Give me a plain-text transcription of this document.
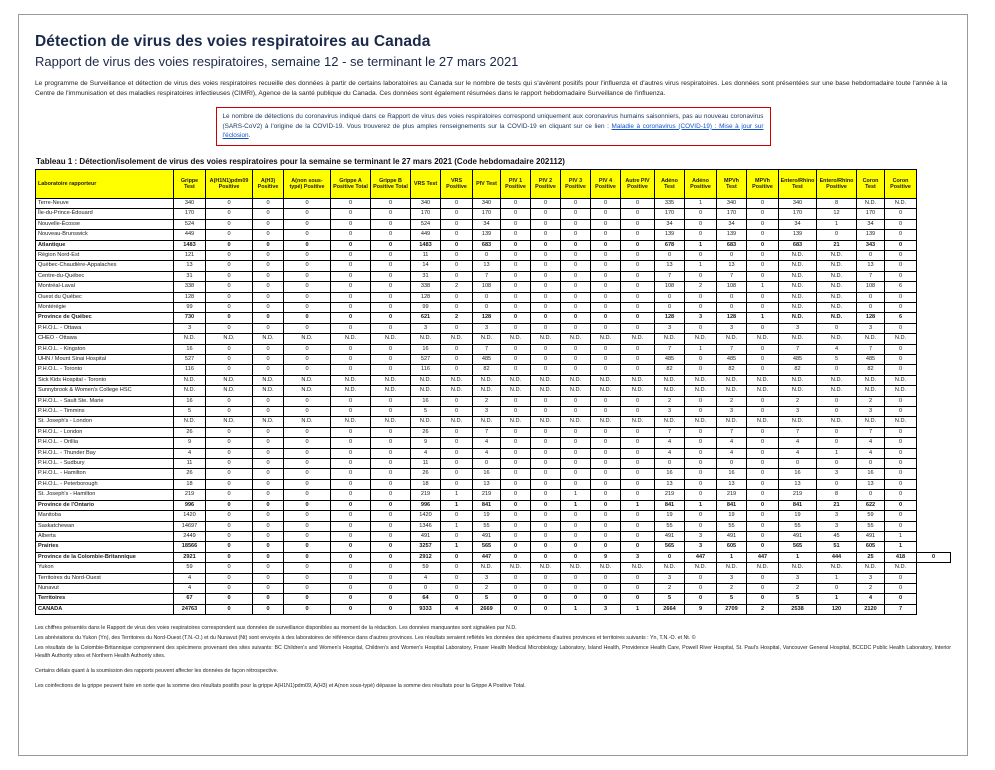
Détection de virus des voies respiratoires au Canada
Rapport de virus des voies respiratoires, semaine 12 - se terminant le 27 mars 2021

Le programme de Surveillance et détection de virus des voies respiratoires recueille des données à partir de certains laboratoires au Canada sur le nombre de tests qui s'avèrent positifs pour l'influenza et d'autres virus respiratoires. Les données sont présentées sur une base hebdomadaire toute l'année à la Centre de l'immunisation et des maladies respiratoires infectieuses (CIMRI), Agence de la santé publique du Canada. Ces données sont également résumées dans le rapport hebdomadaire Surveillance de l'influenza.

Le nombre de détections du coronavirus indiqué dans ce Rapport de virus des voies respiratoires correspond uniquement aux coronavirus humains saisonniers, pas au nouveau coronavirus (SARS-CoV2) à l'origine de la COVID-19. Vous trouverez de plus amples renseignements sur la COVID-19 en cliquant sur ce lien : Maladie à coronavirus (COVID-19) : Mise à jour sur l'éclosion.

Tableau 1 : Détection/isolement de virus des voies respiratoires pour la semaine se terminant le 27 mars 2021 (Code hebdomadaire 202112)
Laboratoire rapporteur	Grippe Test	A(H1N1)pdm09 Positive	A(H3) Positive	A(non sous-typé) Positive	Grippe A Positive Total	Grippe B Positive Total	VRS Test	VRS Positive	PIV Test	PIV 1 Positive	PIV 2 Positive	PIV 3 Positive	PIV 4 Positive	Autre PIV Positive	Adéno Test	Adéno Positive	MPVh Test	MPVh Positive	Entero/Rhino Test	Entero/Rhino Positive	Coron Test	Coron Positive	
Terre-Neuve	340	0	0	0	0	0	340	0	340	0	0	0	0	0	335	1	340	0	340	8	N.D.	N.D.	
Île-du-Prince-Édouard	170	0	0	0	0	0	170	0	170	0	0	0	0	0	170	0	170	0	170	12	170	0	
Nouvelle-Écosse	524	0	0	0	0	0	524	0	34	0	0	0	0	0	34	0	34	0	34	1	34	0	
Nouveau-Brunswick	449	0	0	0	0	0	449	0	139	0	0	0	0	0	139	0	139	0	139	0	139	0	
Atlantique	1483	0	0	0	0	0	1483	0	683	0	0	0	0	0	678	1	683	0	683	21	343	0	
Région Nord-Est	121	0	0	0	0	0	11	0	0	0	0	0	0	0	0	0	0	0	N.D.	N.D.	0	0	
Québec-Chaudière-Appalaches	13	0	0	0	0	0	14	0	13	0	0	0	0	0	13	1	13	0	N.D.	N.D.	13	0	
Centre-du-Québec	31	0	0	0	0	0	31	0	7	0	0	0	0	0	7	0	7	0	N.D.	N.D.	7	0	
Montréal-Laval	338	0	0	0	0	0	338	2	108	0	0	0	0	0	108	2	108	1	N.D.	N.D.	108	6	
Ouest du Québec	128	0	0	0	0	0	128	0	0	0	0	0	0	0	0	0	0	0	N.D.	N.D.	0	0	
Montérégie	99	0	0	0	0	0	99	0	0	0	0	0	0	0	0	0	0	0	N.D.	N.D.	0	0	
Province de Québec	730	0	0	0	0	0	621	2	128	0	0	0	0	0	128	3	128	1	N.D.	N.D.	128	6	
P.H.O.L. - Ottawa	3	0	0	0	0	0	3	0	3	0	0	0	0	0	3	0	3	0	3	0	3	0	
CHEO - Ottawa	N.D.	N.D.	N.D.	N.D.	N.D.	N.D.	N.D.	N.D.	N.D.	N.D.	N.D.	N.D.	N.D.	N.D.	N.D.	N.D.	N.D.	N.D.	N.D.	N.D.	N.D.	N.D.	
P.H.O.L. - Kingston	16	0	0	0	0	0	16	0	7	0	0	0	0	0	7	1	7	0	7	4	7	0	
UHN / Mount Sinai Hospital	527	0	0	0	0	0	527	0	485	0	0	0	0	0	485	0	485	0	485	5	485	0	
P.H.O.L. - Toronto	116	0	0	0	0	0	116	0	82	0	0	0	0	0	82	0	82	0	82	0	82	0	
Sick Kids Hospital - Toronto	N.D.	N.D.	N.D.	N.D.	N.D.	N.D.	N.D.	N.D.	N.D.	N.D.	N.D.	N.D.	N.D.	N.D.	N.D.	N.D.	N.D.	N.D.	N.D.	N.D.	N.D.	N.D.	
Sunnybrook & Women's College HSC	N.D.	N.D.	N.D.	N.D.	N.D.	N.D.	N.D.	N.D.	N.D.	N.D.	N.D.	N.D.	N.D.	N.D.	N.D.	N.D.	N.D.	N.D.	N.D.	N.D.	N.D.	N.D.	
P.H.O.L. - Sault Ste. Marie	16	0	0	0	0	0	16	0	2	0	0	0	0	0	2	0	2	0	2	0	2	0	
P.H.O.L. - Timmins	5	0	0	0	0	0	5	0	3	0	0	0	0	0	3	0	3	0	3	0	3	0	
St. Joseph's - London	N.D.	N.D.	N.D.	N.D.	N.D.	N.D.	N.D.	N.D.	N.D.	N.D.	N.D.	N.D.	N.D.	N.D.	N.D.	N.D.	N.D.	N.D.	N.D.	N.D.	N.D.	N.D.	
P.H.O.L. - London	26	0	0	0	0	0	26	0	7	0	0	0	0	0	7	0	7	0	7	0	7	0	
P.H.O.L. - Orillia	9	0	0	0	0	0	9	0	4	0	0	0	0	0	4	0	4	0	4	0	4	0	
P.H.O.L. - Thunder Bay	4	0	0	0	0	0	4	0	4	0	0	0	0	0	4	0	4	0	4	1	4	0	
P.H.O.L. - Sudbury	11	0	0	0	0	0	11	0	0	0	0	0	0	0	0	0	0	0	0	0	0	0	
P.H.O.L. - Hamilton	26	0	0	0	0	0	26	0	16	0	0	0	0	0	16	0	16	0	16	3	16	0	
P.H.O.L. - Peterborough	18	0	0	0	0	0	18	0	13	0	0	0	0	0	13	0	13	0	13	0	13	0	
St. Joseph's - Hamilton	219	0	0	0	0	0	219	1	219	0	0	1	0	0	219	0	219	0	219	8	0	0	
Province de l'Ontario	996	0	0	0	0	0	996	1	841	0	0	1	0	1	841	1	841	0	841	21	622	0	
Manitoba	1420	0	0	0	0	0	1420	0	19	0	0	0	0	0	19	0	19	0	19	3	59	0	
Saskatchewan	14697	0	0	0	0	0	1346	1	55	0	0	0	0	0	55	0	55	0	55	3	55	0	
Alberta	2449	0	0	0	0	0	491	0	491	0	0	0	0	0	491	3	491	0	491	45	491	1	
Prairies	18566	0	0	0	0	0	3257	1	565	0	0	0	0	0	565	3	605	0	565	51	605	1	
Province de la Colombie-Britannique	2921	0	0	0	0	0	2912	0	447	0	0	0	9	3	0	447	1	447	1	444	25	418	0
Yukon	59	0	0	0	0	0	59	0	N.D.	N.D.	N.D.	N.D.	N.D.	N.D.	N.D.	N.D.	N.D.	N.D.	N.D.	N.D.	N.D.	N.D.	
Territoires du Nord-Ouest	4	0	0	0	0	0	4	0	3	0	0	0	0	0	3	0	3	0	3	1	3	0	
Nunavut	4	0	0	0	0	0	0	0	2	0	0	0	0	0	2	0	2	0	2	0	2	0	
Territoires	67	0	0	0	0	0	64	0	5	0	0	0	0	0	5	0	5	0	5	1	4	0	
CANADA	24763	0	0	0	0	0	9333	4	2669	0	0	1	3	1	2664	9	2709	2	2538	120	2120	7	

Les chiffres présentés dans le Rapport de virus des voies respiratoires correspondent aux données de surveillance disponibles au moment de la rédaction. Les données manquantes sont signalées par N.D.

Les abréviations du Yukon (Yn), des Territoires du Nord-Ouest (T.N.-O.) et du Nunavut (Nt) sont envoyés à des laboratoires de référence dans d'autres provinces. Les résultats seraient reflétés les données des spécimens d'autres provinces et territoires suivants : Yn, T.N.-O. et Nt. ©

Les résultats de la Colombie-Britannique comprennent des spécimens provenant des sites suivants: BC Children's and Women's Hospital, Children's and Women's Hospital Laboratory, Fraser Health Medical Microbiology Laboratory, Island Health, Providence Health Care, Powell River Hospital, St. Paul's Hospital, Vancouver General Hospital, BCCDC Public Health Laboratory, Interior Health Authority sites et Northern Health Authority sites.

Certains délais quant à la soumission des rapports peuvent affecter les données de façon rétrospective.

Les coinfections de la grippe peuvent faire en sorte que la somme des résultats positifs pour la grippe A(H1N1)pdm09, A(H3) et A(non sous-typé) dépasse la somme des résultats pour la Grippe A Positive Total.
